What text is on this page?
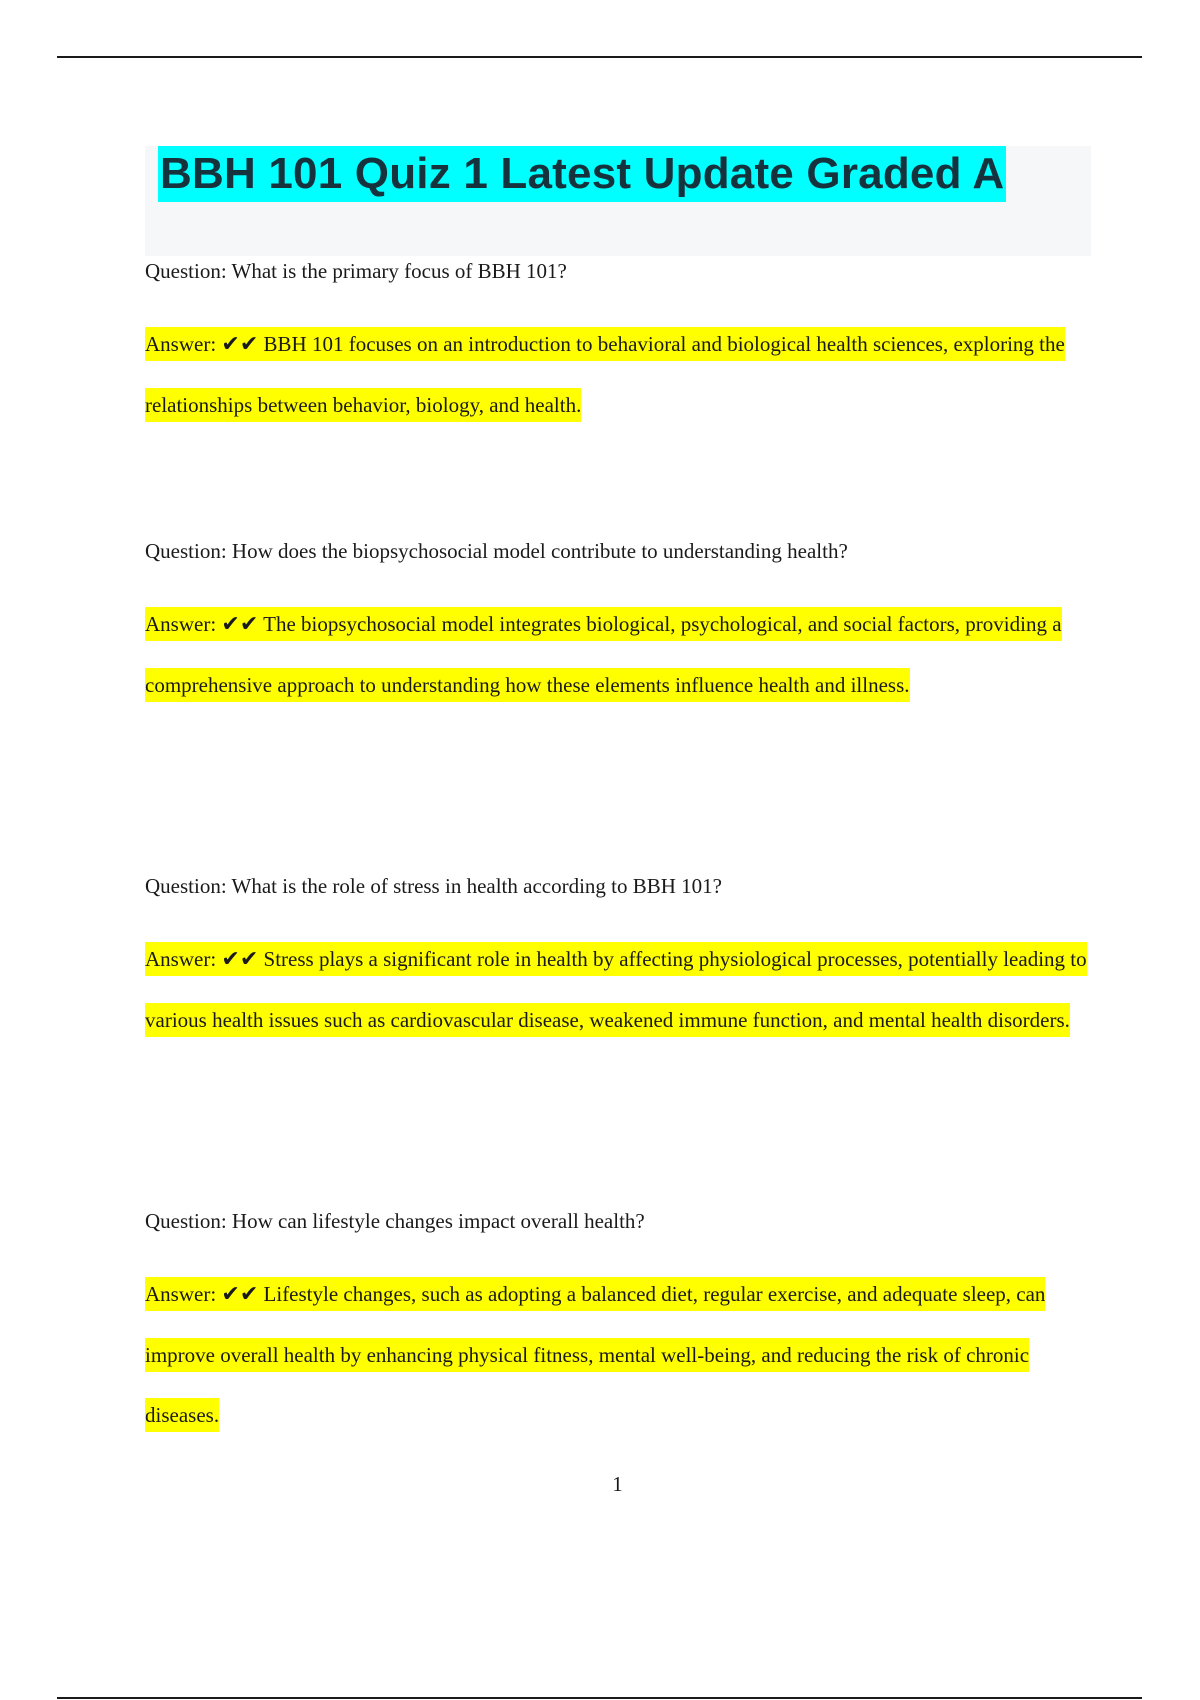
BBH 101 Quiz 1 Latest Update Graded A

Question: What is the primary focus of BBH 101?

Answer: ✔✔ BBH 101 focuses on an introduction to behavioral and biological health sciences, exploring the relationships between behavior, biology, and health.

Question: How does the biopsychosocial model contribute to understanding health?

Answer: ✔✔ The biopsychosocial model integrates biological, psychological, and social factors, providing a comprehensive approach to understanding how these elements influence health and illness.

Question: What is the role of stress in health according to BBH 101?

Answer: ✔✔ Stress plays a significant role in health by affecting physiological processes, potentially leading to various health issues such as cardiovascular disease, weakened immune function, and mental health disorders.

Question: How can lifestyle changes impact overall health?

Answer: ✔✔ Lifestyle changes, such as adopting a balanced diet, regular exercise, and adequate sleep, can improve overall health by enhancing physical fitness, mental well-being, and reducing the risk of chronic diseases.

1
